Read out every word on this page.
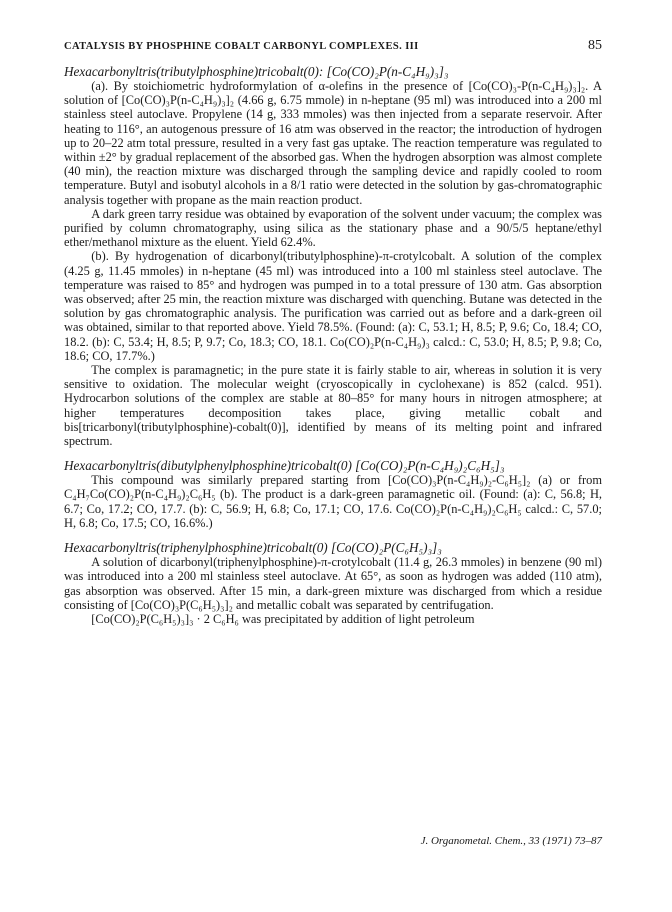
CATALYSIS BY PHOSPHINE COBALT CARBONYL COMPLEXES. III	85
Hexacarbonyltris(tributylphosphine)tricobalt(0): [Co(CO)₂P(n-C₄H₉)₃]₃

(a). By stoichiometric hydroformylation of α-olefins in the presence of [Co(CO)₃-P(n-C₄H₉)₃]₂. A solution of [Co(CO)₃P(n-C₄H₉)₃]₂ (4.66 g, 6.75 mmole) in n-heptane (95 ml) was introduced into a 200 ml stainless steel autoclave. Propylene (14 g, 333 mmoles) was then injected from a separate reservoir. After heating to 116°, an autogenous pressure of 16 atm was observed in the reactor; the introduction of hydrogen up to 20–22 atm total pressure, resulted in a very fast gas uptake. The reaction temperature was regulated to within ±2° by gradual replacement of the absorbed gas. When the hydrogen absorption was almost complete (40 min), the reaction mixture was discharged through the sampling device and rapidly cooled to room temperature. Butyl and isobutyl alcohols in a 8/1 ratio were detected in the solution by gas-chromatographic analysis together with propane as the main reaction product.

A dark green tarry residue was obtained by evaporation of the solvent under vacuum; the complex was purified by column chromatography, using silica as the stationary phase and a 90/5/5 heptane/ethyl ether/methanol mixture as the eluent. Yield 62.4%.

(b). By hydrogenation of dicarbonyl(tributylphosphine)-π-crotylcobalt. A solution of the complex (4.25 g, 11.45 mmoles) in n-heptane (45 ml) was introduced into a 100 ml stainless steel autoclave. The temperature was raised to 85° and hydrogen was pumped in to a total pressure of 130 atm. Gas absorption was observed; after 25 min, the reaction mixture was discharged with quenching. Butane was detected in the solution by gas chromatographic analysis. The purification was carried out as before and a dark-green oil was obtained, similar to that reported above. Yield 78.5%. (Found: (a): C, 53.1; H, 8.5; P, 9.6; Co, 18.4; CO, 18.2. (b): C, 53.4; H, 8.5; P, 9.7; Co, 18.3; CO, 18.1. Co(CO)₂P(n-C₄H₉)₃ calcd.: C, 53.0; H, 8.5; P, 9.8; Co, 18.6; CO, 17.7%.)

The complex is paramagnetic; in the pure state it is fairly stable to air, whereas in solution it is very sensitive to oxidation. The molecular weight (cryoscopically in cyclohexane) is 852 (calcd. 951). Hydrocarbon solutions of the complex are stable at 80–85° for many hours in nitrogen atmosphere; at higher temperatures decomposition takes place, giving metallic cobalt and bis[tricarbonyl(tributylphosphine)-cobalt(0)], identified by means of its melting point and infrared spectrum.

Hexacarbonyltris(dibutylphenylphosphine)tricobalt(0) [Co(CO)₂P(n-C₄H₉)₂C₆H₅]₃

This compound was similarly prepared starting from [Co(CO)₃P(n-C₄H₉)₂-C₆H₅]₂ (a) or from C₄H₇Co(CO)₂P(n-C₄H₉)₂C₆H₅ (b). The product is a dark-green paramagnetic oil. (Found: (a): C, 56.8; H, 6.7; Co, 17.2; CO, 17.7. (b): C, 56.9; H, 6.8; Co, 17.1; CO, 17.6. Co(CO)₂P(n-C₄H₉)₂C₆H₅ calcd.: C, 57.0; H, 6.8; Co, 17.5; CO, 16.6%.)

Hexacarbonyltris(triphenylphosphine)tricobalt(0) [Co(CO)₂P(C₆H₅)₃]₃

A solution of dicarbonyl(triphenylphosphine)-π-crotylcobalt (11.4 g, 26.3 mmoles) in benzene (90 ml) was introduced into a 200 ml stainless steel autoclave. At 65°, as soon as hydrogen was added (110 atm), gas absorption was observed. After 15 min, a dark-green mixture was discharged from which a residue consisting of [Co(CO)₃P(C₆H₅)₃]₂ and metallic cobalt was separated by centrifugation.

[Co(CO)₂P(C₆H₅)₃]₃ · 2 C₆H₆ was precipitated by addition of light petroleum

J. Organometal. Chem., 33 (1971) 73–87
